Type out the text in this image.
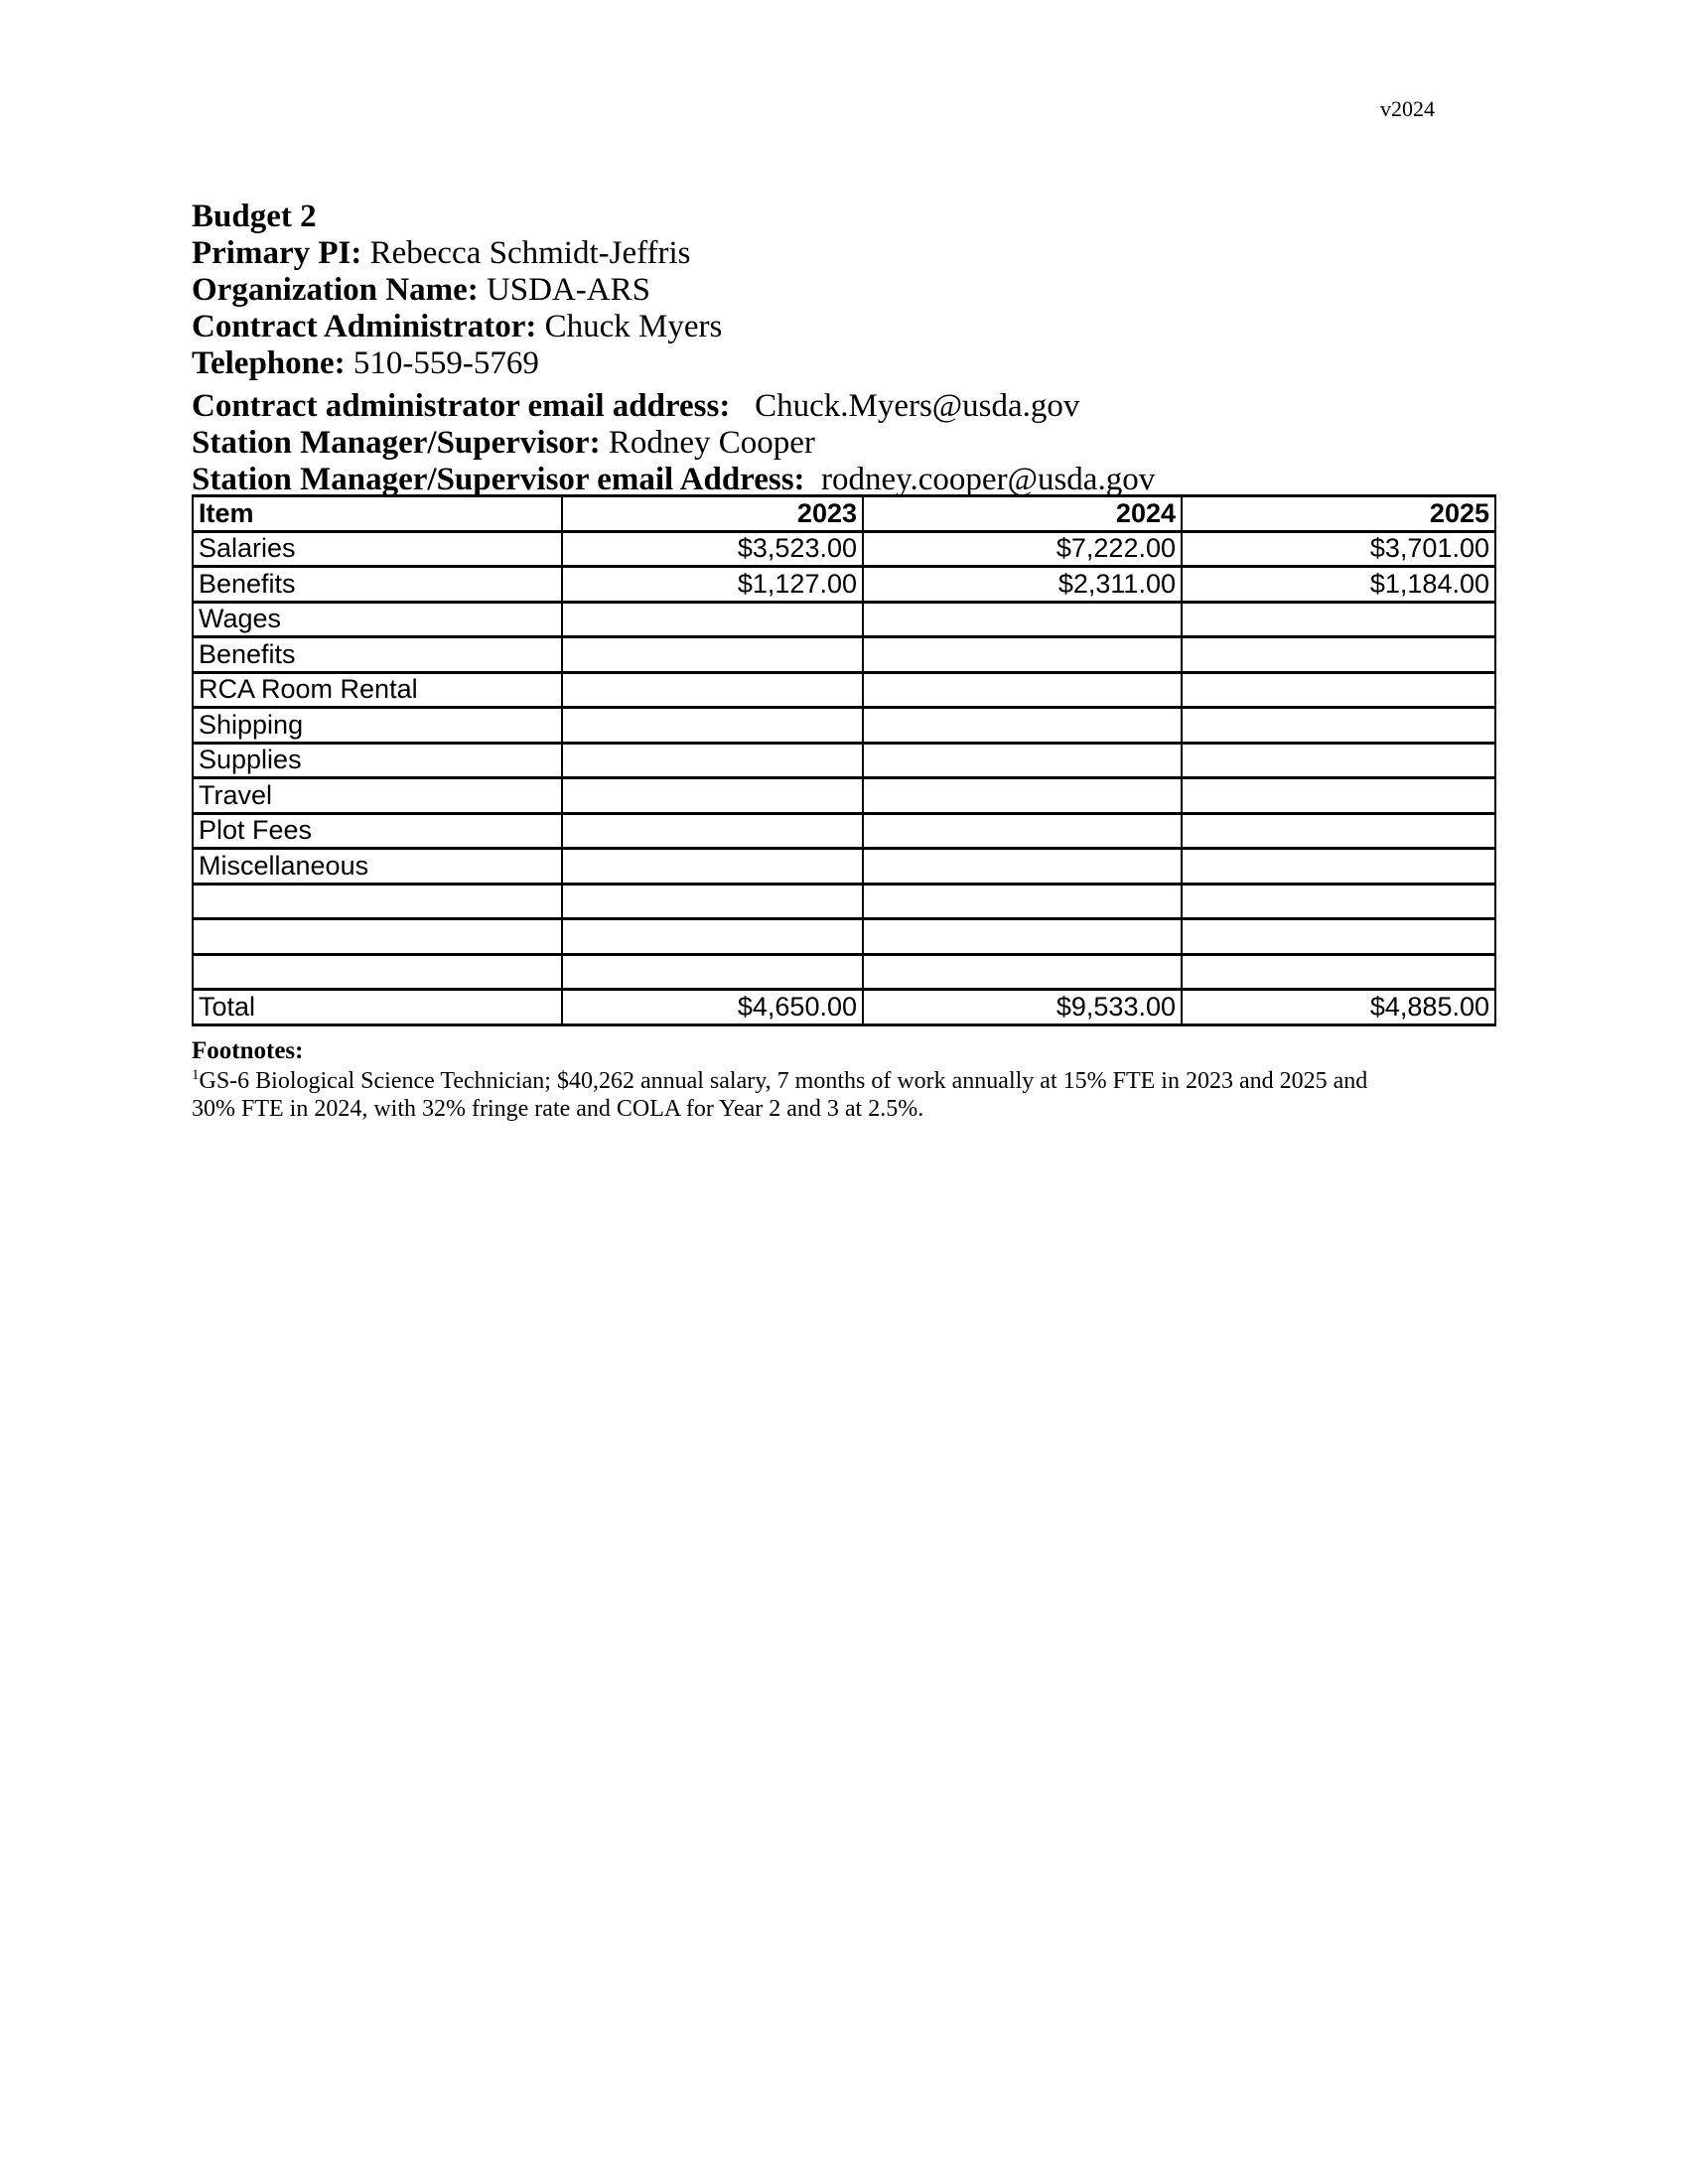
v2024
Budget 2
Primary PI: Rebecca Schmidt-Jeffris
Organization Name: USDA-ARS
Contract Administrator: Chuck Myers
Telephone: 510-559-5769
Contract administrator email address:   Chuck.Myers@usda.gov
Station Manager/Supervisor: Rodney Cooper
Station Manager/Supervisor email Address:  rodney.cooper@usda.gov
Item	2023	2024	2025
Salaries	$3,523.00	$7,222.00	$3,701.00
Benefits	$1,127.00	$2,311.00	$1,184.00
Wages			
Benefits			
RCA Room Rental			
Shipping			
Supplies			
Travel			
Plot Fees			
Miscellaneous			

Total	$4,650.00	$9,533.00	$4,885.00
Footnotes:
$^1$GS-6 Biological Science Technician; $40,262 annual salary, 7 months of work annually at 15% FTE in 2023 and 2025 and
30% FTE in 2024, with 32% fringe rate and COLA for Year 2 and 3 at 2.5%.
